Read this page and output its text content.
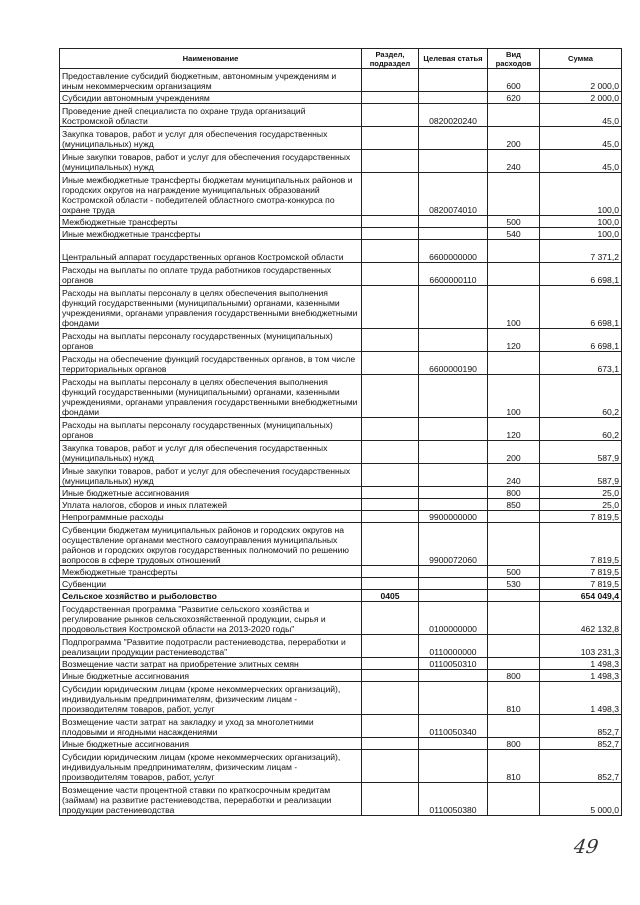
Наименование	Раздел, подраздел	Целевая статья	Вид расходов	Сумма
Предоставление субсидий бюджетным, автономным учреждениям и иным некоммерческим организациям			600	2 000,0
Субсидии автономным учреждениям			620	2 000,0
Проведение дней специалиста по охране труда организаций Костромской области		0820020240		45,0
Закупка товаров, работ и услуг для обеспечения государственных (муниципальных) нужд			200	45,0
Иные закупки товаров, работ и услуг для обеспечения государственных (муниципальных) нужд			240	45,0
Иные межбюджетные трансферты бюджетам муниципальных районов и городских округов на награждение муниципальных образований Костромской области - победителей областного смотра-конкурса по охране труда		0820074010		100,0
Межбюджетные трансферты			500	100,0
Иные межбюджетные трансферты			540	100,0
Центральный аппарат государственных органов Костромской области		6600000000		7 371,2
Расходы на выплаты по оплате труда работников государственных органов		6600000110		6 698,1
Расходы на выплаты персоналу в целях обеспечения выполнения функций государственными (муниципальными) органами, казенными учреждениями, органами управления государственными внебюджетными фондами			100	6 698,1
Расходы на выплаты персоналу государственных (муниципальных) органов			120	6 698,1
Расходы на обеспечение функций государственных органов, в том числе территориальных органов		6600000190		673,1
Расходы на выплаты персоналу в целях обеспечения выполнения функций государственными (муниципальными) органами, казенными учреждениями, органами управления государственными внебюджетными фондами			100	60,2
Расходы на выплаты персоналу государственных (муниципальных) органов			120	60,2
Закупка товаров, работ и услуг для обеспечения государственных (муниципальных) нужд			200	587,9
Иные закупки товаров, работ и услуг для обеспечения государственных (муниципальных) нужд			240	587,9
Иные бюджетные ассигнования			800	25,0
Уплата налогов, сборов и иных платежей			850	25,0
Непрограммные расходы		9900000000		7 819,5
Субвенции бюджетам муниципальных районов и городских округов на осуществление органами местного самоуправления муниципальных районов и городских округов государственных полномочий по решению вопросов в сфере трудовых отношений		9900072060		7 819,5
Межбюджетные трансферты			500	7 819,5
Субвенции			530	7 819,5
Сельское хозяйство и рыболовство	0405			654 049,4
Государственная программа "Развитие сельского хозяйства и регулирование рынков сельскохозяйственной продукции, сырья и продовольствия Костромской области на 2013-2020 годы"		0100000000		462 132,8
Подпрограмма "Развитие подотрасли растениеводства, переработки и реализации продукции растениеводства"		0110000000		103 231,3
Возмещение части затрат на приобретение элитных семян		0110050310		1 498,3
Иные бюджетные ассигнования			800	1 498,3
Субсидии юридическим лицам (кроме некоммерческих организаций), индивидуальным предпринимателям, физическим лицам - производителям товаров, работ, услуг			810	1 498,3
Возмещение части затрат на закладку и уход за многолетними плодовыми и ягодными насаждениями		0110050340		852,7
Иные бюджетные ассигнования			800	852,7
Субсидии юридическим лицам (кроме некоммерческих организаций), индивидуальным предпринимателям, физическим лицам - производителям товаров, работ, услуг			810	852,7
Возмещение части процентной ставки по краткосрочным кредитам (займам) на развитие растениеводства, переработки и реализации продукции растениеводства		0110050380		5 000,0
49
